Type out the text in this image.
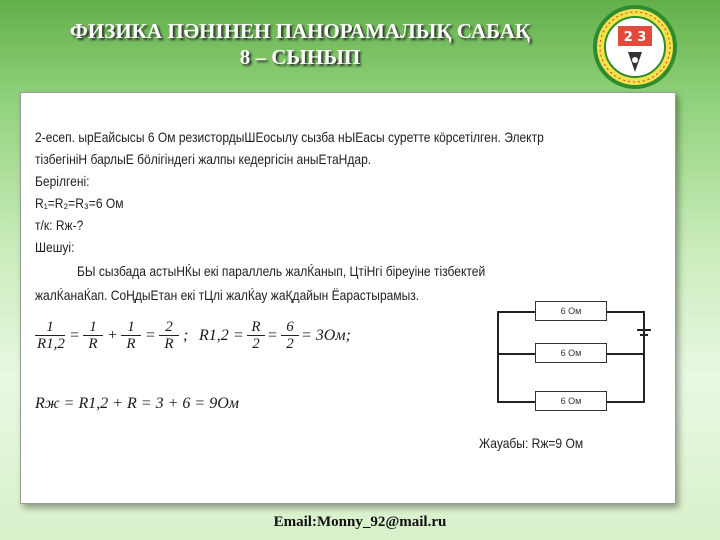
ФИЗИКА ПӘНІНЕН ПАНОРАМАЛЫҚ САБАҚ
8 – СЫНЫП
2 3
2-есеп. ырЕайсысы 6 Ом резистордыШЕосылу сызба нЫЕасы суретте кӧрсетілген. Электр
тізбегініН барлыЕ бӧлігіндегі жалпы кедергісін аныЕтаНдар.
Берілгені:
R₁=R₂=R₃=6 Ом
т/к: Rж-?
Шешуі:
БЫ сызбада астыНЌы екі параллель жалЌанып, ЦтіНгі біреуіне тізбектей
жалЌанаЌап. СоҢдыЕтан екі тЦлі жалЌау жаҚдайын Ёарастырамыз.
$\frac{1}{R1,2} = \frac{1}{R} + \frac{1}{R} = \frac{2}{R}$ ; $R1,2 = \frac{R}{2} = \frac{6}{2} = 3Ом$;
Rж = R1,2 + R = 3 + 6 = 9Ом
6 Ом
6 Ом
6 Ом
Жауабы: Rж=9 Ом
Email:Monny_92@mail.ru
